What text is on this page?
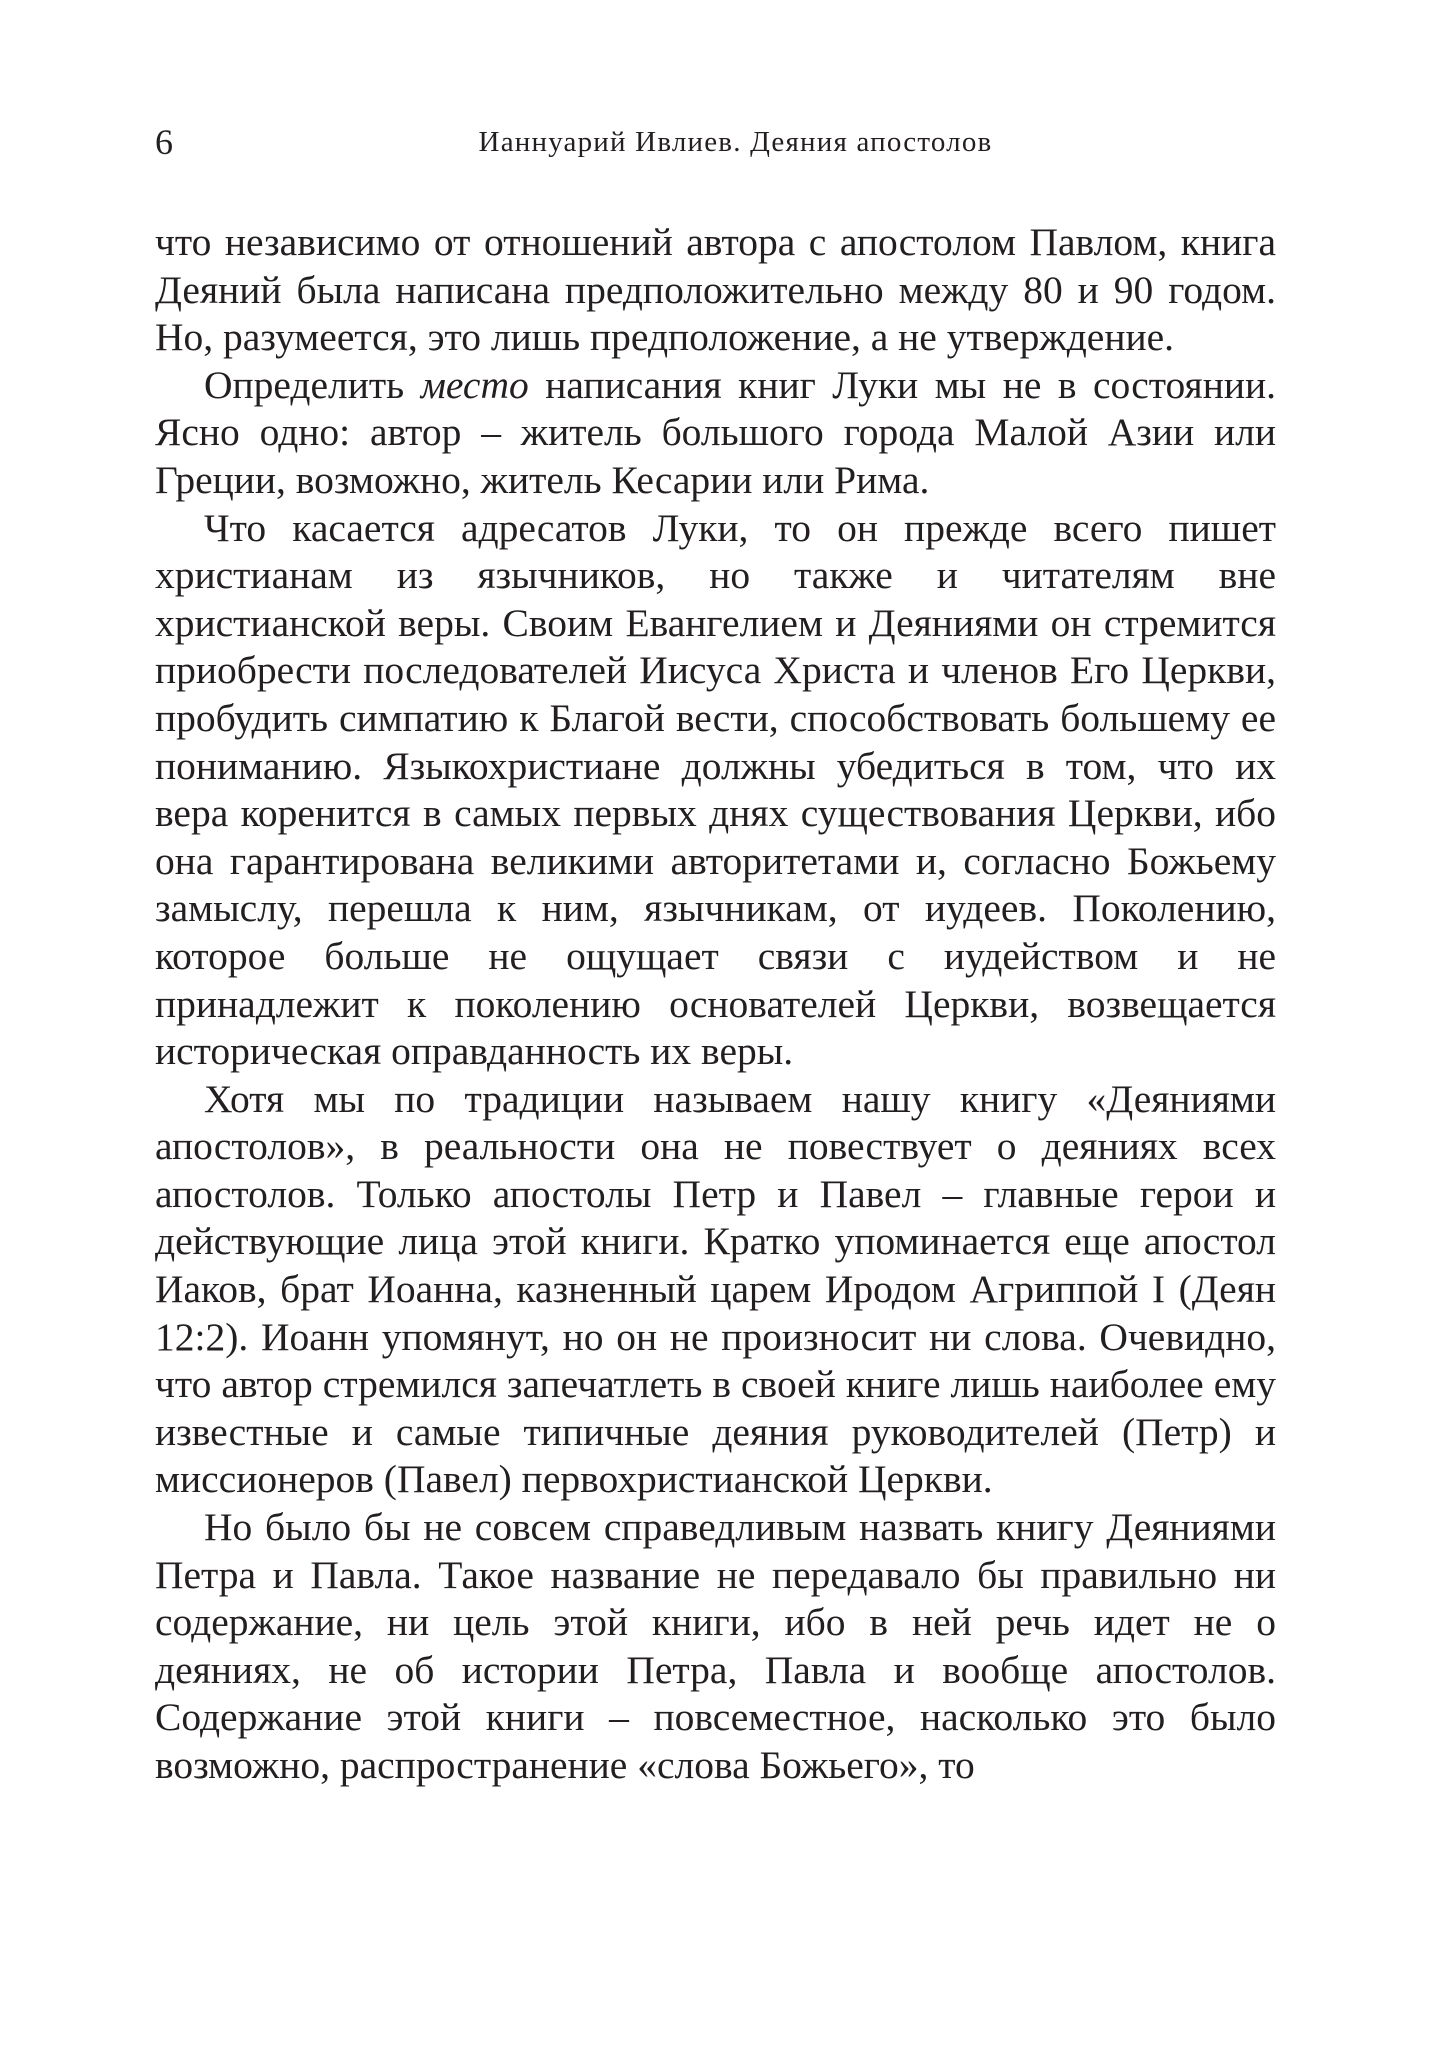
6	Ианнуарий Ивлиев. Деяния апостолов

что независимо от отношений автора с апостолом Павлом, книга Деяний была написана предположительно между 80 и 90 годом. Но, разумеется, это лишь предположение, а не утверждение.

Определить место написания книг Луки мы не в состоянии. Ясно одно: автор – житель большого города Малой Азии или Греции, возможно, житель Кесарии или Рима.

Что касается адресатов Луки, то он прежде всего пишет христианам из язычников, но также и читателям вне христианской веры. Своим Евангелием и Деяниями он стремится приобрести последователей Иисуса Христа и членов Его Церкви, пробудить симпатию к Благой вести, способствовать большему ее пониманию. Языкохристиане должны убедиться в том, что их вера коренится в самых первых днях существования Церкви, ибо она гарантирована великими авторитетами и, согласно Божьему замыслу, перешла к ним, язычникам, от иудеев. Поколению, которое больше не ощущает связи с иудейством и не принадлежит к поколению основателей Церкви, возвещается историческая оправданность их веры.

Хотя мы по традиции называем нашу книгу «Деяниями апостолов», в реальности она не повествует о деяниях всех апостолов. Только апостолы Петр и Павел – главные герои и действующие лица этой книги. Кратко упоминается еще апостол Иаков, брат Иоанна, казненный царем Иродом Агриппой I (Деян 12:2). Иоанн упомянут, но он не произносит ни слова. Очевидно, что автор стремился запечатлеть в своей книге лишь наиболее ему известные и самые типичные деяния руководителей (Петр) и миссионеров (Павел) первохристианской Церкви.

Но было бы не совсем справедливым назвать книгу Деяниями Петра и Павла. Такое название не передавало бы правильно ни содержание, ни цель этой книги, ибо в ней речь идет не о деяниях, не об истории Петра, Павла и вообще апостолов. Содержание этой книги – повсеместное, насколько это было возможно, распространение «слова Божьего», то
